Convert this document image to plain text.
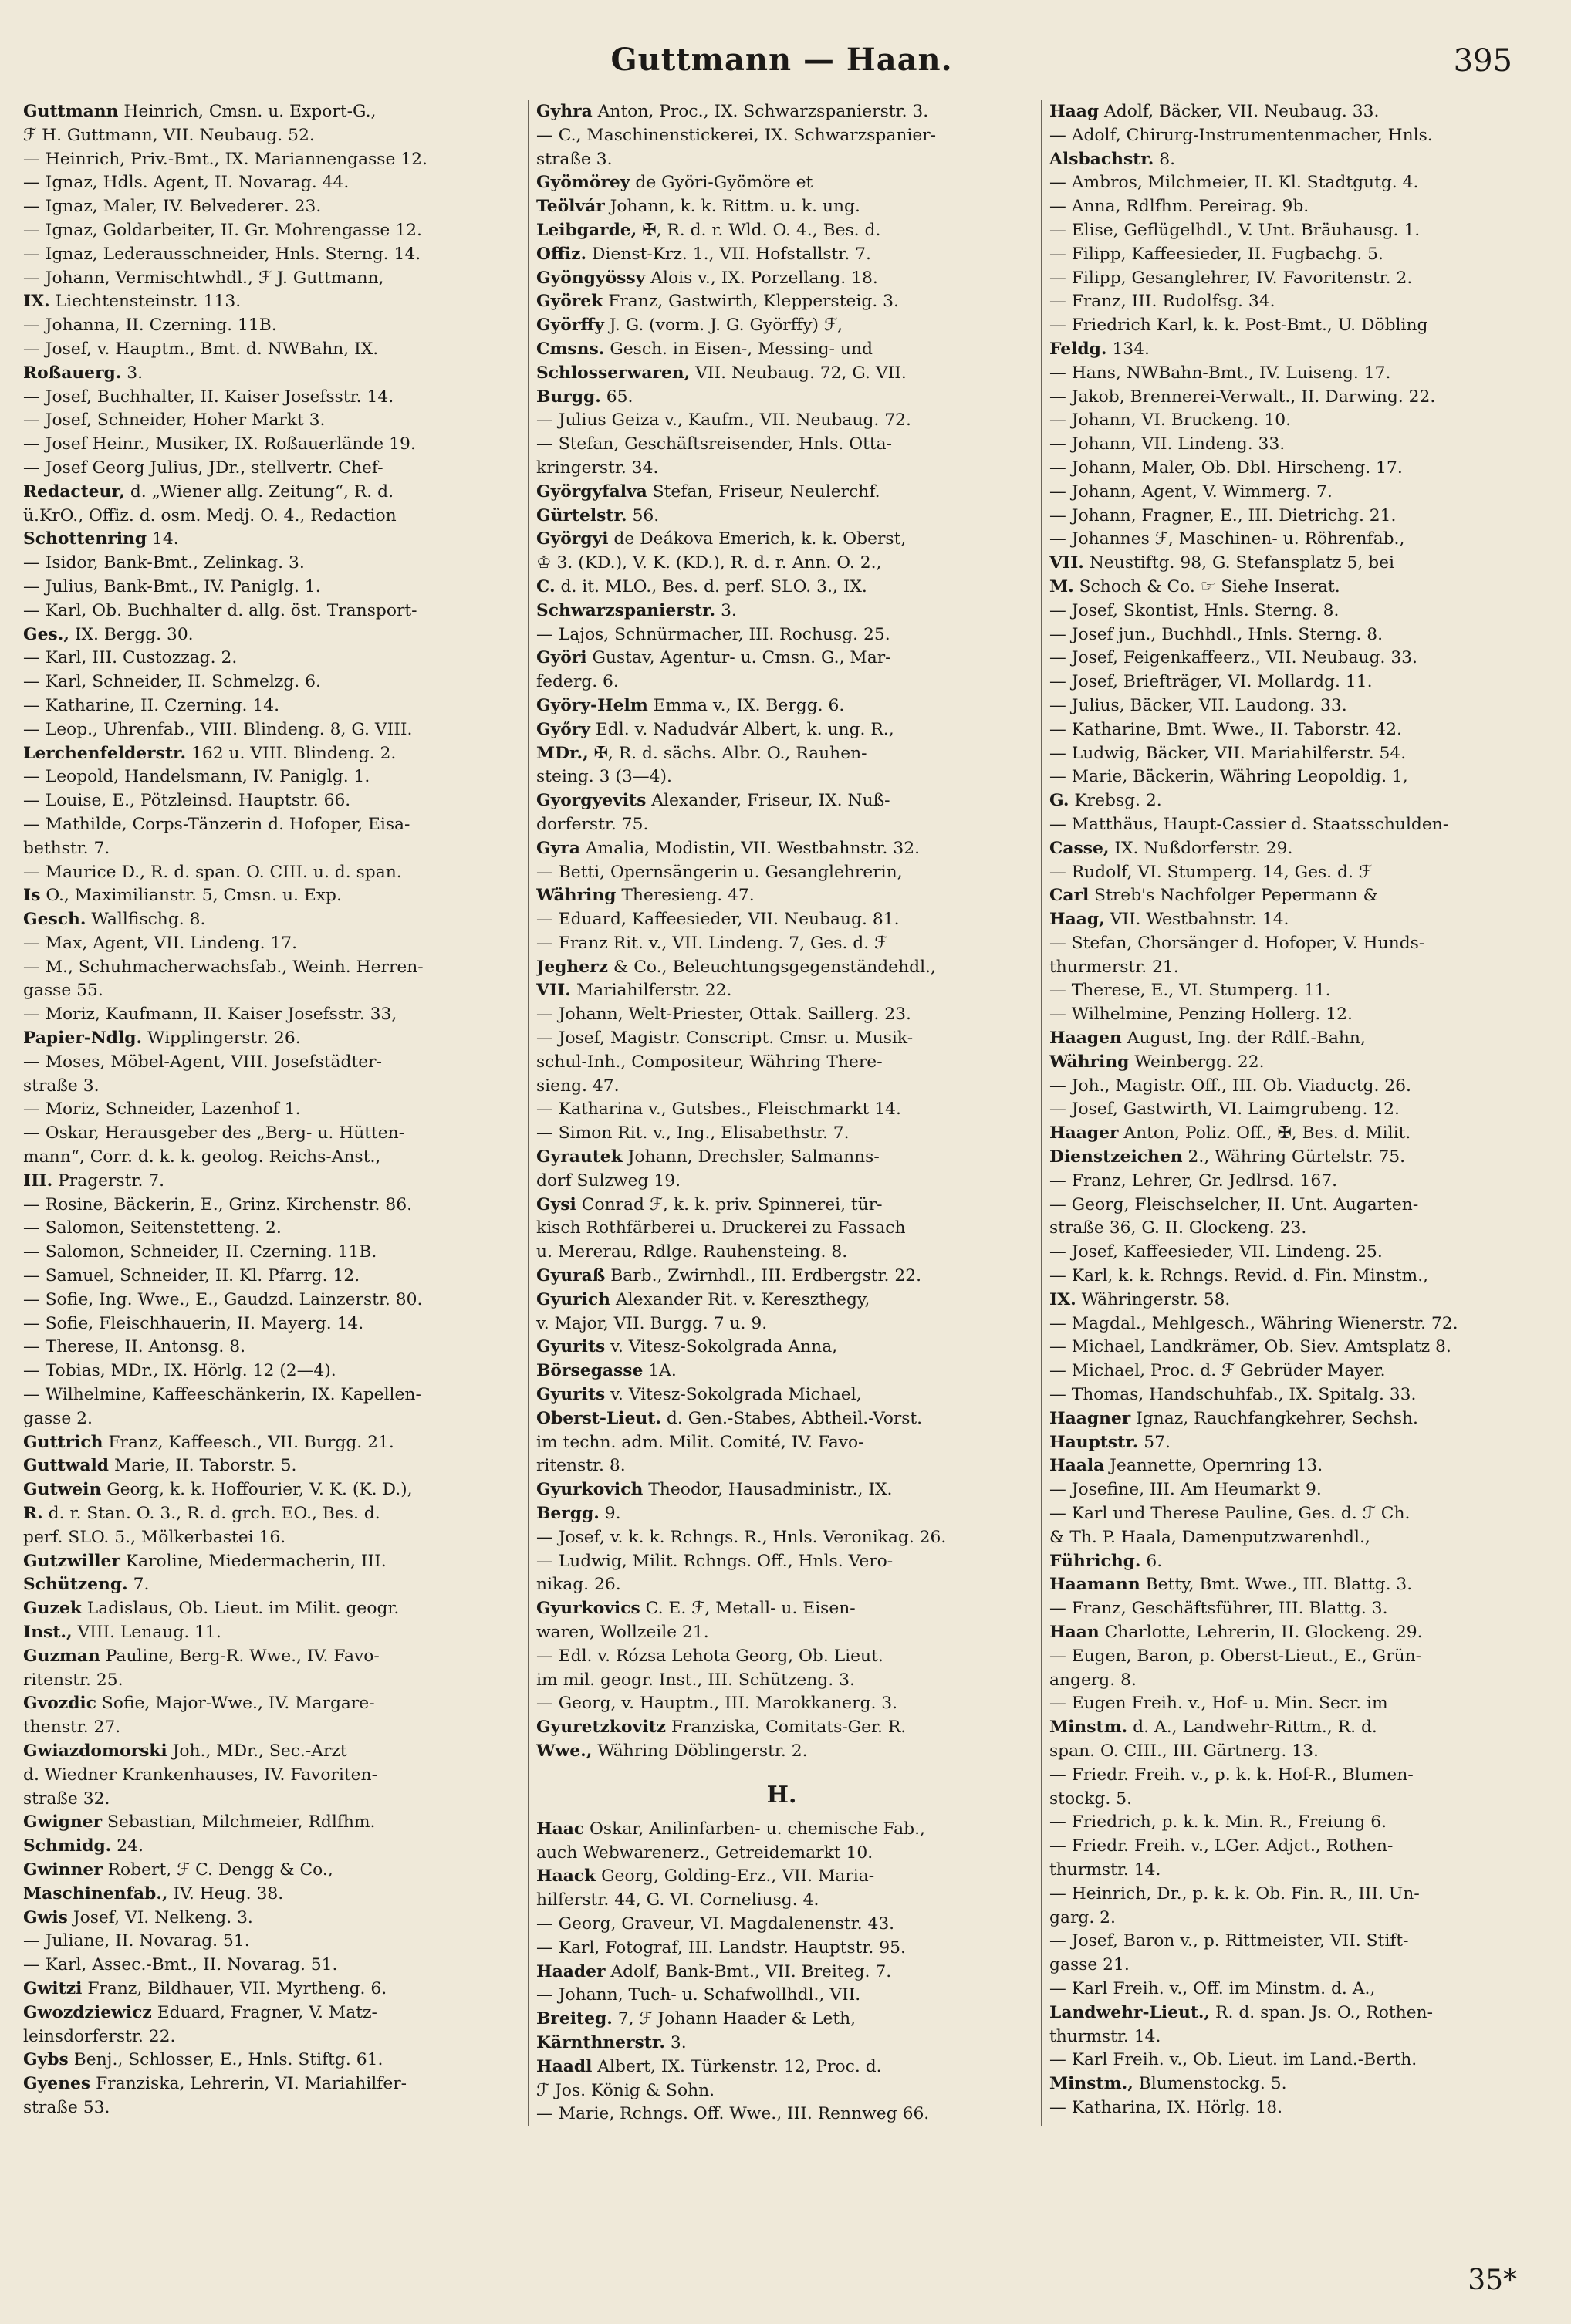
Guttmann — Haan.	395
Guttmann Heinrich, Cmsn. u. Export-G.,
ℱ H. Guttmann, VII. Neubaug. 52.
— Heinrich, Priv.-Bmt., IX. Mariannengasse 12.
— Ignaz, Hdls. Agent, II. Novarag. 44.
— Ignaz, Maler, IV. Belvederег. 23.
— Ignaz, Goldarbeiter, II. Gr. Mohrengasse 12.
— Ignaz, Lederausschneider, Hnls. Sterng. 14.
— Johann, Vermischtwhdl., ℱ J. Guttmann,
IX. Liechtensteinstr. 113.
— Johanna, II. Czerning. 11B.
— Josef, v. Hauptm., Bmt. d. NWBahn, IX.
Roßauerg. 3.
— Josef, Buchhalter, II. Kaiser Josefsstr. 14.
— Josef, Schneider, Hoher Markt 3.
— Josef Heinr., Musiker, IX. Roßauerlände 19.
— Josef Georg Julius, JDr., stellvertr. Chef-
Redacteur, d. „Wiener allg. Zeitung“, R. d.
ü.KrO., Offiz. d. osm. Medj. O. 4., Redaction
Schottenring 14.
— Isidor, Bank-Bmt., Zelinkag. 3.
— Julius, Bank-Bmt., IV. Paniglg. 1.
— Karl, Ob. Buchhalter d. allg. öst. Transport-
Ges., IX. Bergg. 30.
— Karl, III. Custozzag. 2.
— Karl, Schneider, II. Schmelzg. 6.
— Katharine, II. Czerning. 14.
— Leop., Uhrenfab., VIII. Blindeng. 8, G. VIII.
Lerchenfelderstr. 162 u. VIII. Blindeng. 2.
— Leopold, Handelsmann, IV. Paniglg. 1.
— Louise, E., Pötzleinsd. Hauptstr. 66.
— Mathilde, Corps-Tänzerin d. Hofoper, Eisa-
bethstr. 7.
— Maurice D., R. d. span. O. CIII. u. d. span.
Is O., Maximilianstr. 5, Cmsn. u. Exp.
Gesch. Wallfischg. 8.
— Max, Agent, VII. Lindeng. 17.
— M., Schuhmacherwachsfab., Weinh. Herren-
gasse 55.
— Moriz, Kaufmann, II. Kaiser Josefsstr. 33,
Papier-Ndlg. Wipplingerstr. 26.
— Moses, Möbel-Agent, VIII. Josefstädter-
straße 3.
— Moriz, Schneider, Lazenhof 1.
— Oskar, Herausgeber des „Berg- u. Hütten-
mann“, Corr. d. k. k. geolog. Reichs-Anst.,
III. Pragerstr. 7.
— Rosine, Bäckerin, E., Grinz. Kirchenstr. 86.
— Salomon, Seitenstetteng. 2.
— Salomon, Schneider, II. Czerning. 11B.
— Samuel, Schneider, II. Kl. Pfarrg. 12.
— Sofie, Ing. Wwe., E., Gaudzd. Lainzerstr. 80.
— Sofie, Fleischhauerin, II. Mayerg. 14.
— Therese, II. Antonsg. 8.
— Tobias, MDr., IX. Hörlg. 12 (2—4).
— Wilhelmine, Kaffeeschänkerin, IX. Kapellen-
gasse 2.
Guttrich Franz, Kaffeesch., VII. Burgg. 21.
Guttwald Marie, II. Taborstr. 5.
Gutwein Georg, k. k. Hoffourier, V. K. (K. D.),
R. d. r. Stan. O. 3., R. d. grch. EO., Bes. d.
perf. SLO. 5., Mölkerbastei 16.
Gutzwiller Karoline, Miedermacherin, III.
Schützeng. 7.
Guzek Ladislaus, Ob. Lieut. im Milit. geogr.
Inst., VIII. Lenaug. 11.
Guzman Pauline, Berg-R. Wwe., IV. Favo-
ritenstr. 25.
Gvozdic Sofie, Major-Wwe., IV. Margare-
thenstr. 27.
Gwiazdomorski Joh., MDr., Sec.-Arzt
d. Wiedner Krankenhauses, IV. Favoriten-
straße 32.
Gwigner Sebastian, Milchmeier, Rdlfhm.
Schmidg. 24.
Gwinner Robert, ℱ C. Dengg & Co.,
Maschinenfab., IV. Heug. 38.
Gwis Josef, VI. Nelkeng. 3.
— Juliane, II. Novarag. 51.
— Karl, Assec.-Bmt., II. Novarag. 51.
Gwitzi Franz, Bildhauer, VII. Myrtheng. 6.
Gwozdziewicz Eduard, Fragner, V. Matz-
leinsdorferstr. 22.
Gybs Benj., Schlosser, E., Hnls. Stiftg. 61.
Gyenes Franziska, Lehrerin, VI. Mariahilfer-
straße 53.
Gyhra Anton, Proc., IX. Schwarzspanierstr. 3.
— C., Maschinenstickerei, IX. Schwarzspanier-
straße 3.
Gyömörey de Györi-Gyömöre et
Teölvár Johann, k. k. Rittm. u. k. ung.
Leibgarde, ✠, R. d. r. Wld. O. 4., Bes. d.
Offiz. Dienst-Krz. 1., VII. Hofstallstr. 7.
Gyöngyössy Alois v., IX. Porzellang. 18.
Györek Franz, Gastwirth, Kleppersteig. 3.
Györffy J. G. (vorm. J. G. Györffy) ℱ,
Cmsns. Gesch. in Eisen-, Messing- und
Schlosserwaren, VII. Neubaug. 72, G. VII.
Burgg. 65.
— Julius Geiza v., Kaufm., VII. Neubaug. 72.
— Stefan, Geschäftsreisender, Hnls. Otta-
kringerstr. 34.
Györgyfalva Stefan, Friseur, Neulerchf.
Gürtelstr. 56.
Györgyi de Deákova Emerich, k. k. Oberst,
♔ 3. (KD.), V. K. (KD.), R. d. r. Ann. O. 2.,
C. d. it. MLO., Bes. d. perf. SLO. 3., IX.
Schwarzspanierstr. 3.
— Lajos, Schnürmacher, III. Rochusg. 25.
Györi Gustav, Agentur- u. Cmsn. G., Mar-
federg. 6.
Györy-Helm Emma v., IX. Bergg. 6.
Győry Edl. v. Nadudvár Albert, k. ung. R.,
MDr., ✠, R. d. sächs. Albr. O., Rauhen-
steing. 3 (3—4).
Gyorgyevits Alexander, Friseur, IX. Nuß-
dorferstr. 75.
Gyra Amalia, Modistin, VII. Westbahnstr. 32.
— Betti, Opernsängerin u. Gesanglehrerin,
Währing Theresieng. 47.
— Eduard, Kaffeesieder, VII. Neubaug. 81.
— Franz Rit. v., VII. Lindeng. 7, Ges. d. ℱ
Jegherz & Co., Beleuchtungsgegenständehdl.,
VII. Mariahilferstr. 22.
— Johann, Welt-Priester, Ottak. Saillerg. 23.
— Josef, Magistr. Conscript. Cmsr. u. Musik-
schul-Inh., Compositeur, Währing There-
sieng. 47.
— Katharina v., Gutsbes., Fleischmarkt 14.
— Simon Rit. v., Ing., Elisabethstr. 7.
Gyrautek Johann, Drechsler, Salmanns-
dorf Sulzweg 19.
Gysi Conrad ℱ, k. k. priv. Spinnerei, tür-
kisch Rothfärberei u. Druckerei zu Fassach
u. Mererau, Rdlge. Rauhensteing. 8.
Gyuraß Barb., Zwirnhdl., III. Erdbergstr. 22.
Gyurich Alexander Rit. v. Kereszthegy,
v. Major, VII. Burgg. 7 u. 9.
Gyurits v. Vitesz-Sokolgrada Anna,
Börsegasse 1A.
Gyurits v. Vitesz-Sokolgrada Michael,
Oberst-Lieut. d. Gen.-Stabes, Abtheil.-Vorst.
im techn. adm. Milit. Comité, IV. Favo-
ritenstr. 8.
Gyurkovich Theodor, Hausadministr., IX.
Bergg. 9.
— Josef, v. k. k. Rchngs. R., Hnls. Veronikag. 26.
— Ludwig, Milit. Rchngs. Off., Hnls. Vero-
nikag. 26.
Gyurkovics C. E. ℱ, Metall- u. Eisen-
waren, Wollzeile 21.
— Edl. v. Rózsa Lehota Georg, Ob. Lieut.
im mil. geogr. Inst., III. Schützeng. 3.
— Georg, v. Hauptm., III. Marokkanerg. 3.
Gyuretzkovitz Franziska, Comitats-Ger. R.
Wwe., Währing Döblingerstr. 2.
H.
Haac Oskar, Anilinfarben- u. chemische Fab.,
auch Webwarenerz., Getreidemarkt 10.
Haack Georg, Golding-Erz., VII. Maria-
hilferstr. 44, G. VI. Corneliusg. 4.
— Georg, Graveur, VI. Magdalenenstr. 43.
— Karl, Fotograf, III. Landstr. Hauptstr. 95.
Haader Adolf, Bank-Bmt., VII. Breiteg. 7.
— Johann, Tuch- u. Schafwollhdl., VII.
Breiteg. 7, ℱ Johann Haader & Leth,
Kärnthnerstr. 3.
Haadl Albert, IX. Türkenstr. 12, Proc. d.
ℱ Jos. König & Sohn.
— Marie, Rchngs. Off. Wwe., III. Rennweg 66.
Haag Adolf, Bäcker, VII. Neubaug. 33.
— Adolf, Chirurg-Instrumentenmacher, Hnls.
Alsbachstr. 8.
— Ambros, Milchmeier, II. Kl. Stadtgutg. 4.
— Anna, Rdlfhm. Pereirag. 9b.
— Elise, Geflügelhdl., V. Unt. Bräuhausg. 1.
— Filipp, Kaffeesieder, II. Fugbachg. 5.
— Filipp, Gesanglehrer, IV. Favoritenstr. 2.
— Franz, III. Rudolfsg. 34.
— Friedrich Karl, k. k. Post-Bmt., U. Döbling
Feldg. 134.
— Hans, NWBahn-Bmt., IV. Luiseng. 17.
— Jakob, Brennerei-Verwalt., II. Darwing. 22.
— Johann, VI. Bruckeng. 10.
— Johann, VII. Lindeng. 33.
— Johann, Maler, Ob. Dbl. Hirscheng. 17.
— Johann, Agent, V. Wimmerg. 7.
— Johann, Fragner, E., III. Dietrichg. 21.
— Johannes ℱ, Maschinen- u. Röhrenfab.,
VII. Neustiftg. 98, G. Stefansplatz 5, bei
M. Schoch & Co. ☞ Siehe Inserat.
— Josef, Skontist, Hnls. Sterng. 8.
— Josef jun., Buchhdl., Hnls. Sterng. 8.
— Josef, Feigenkaffeerz., VII. Neubaug. 33.
— Josef, Briefträger, VI. Mollardg. 11.
— Julius, Bäcker, VII. Laudong. 33.
— Katharine, Bmt. Wwe., II. Taborstr. 42.
— Ludwig, Bäcker, VII. Mariahilferstr. 54.
— Marie, Bäckerin, Währing Leopoldig. 1,
G. Krebsg. 2.
— Matthäus, Haupt-Cassier d. Staatsschulden-
Casse, IX. Nußdorferstr. 29.
— Rudolf, VI. Stumperg. 14, Ges. d. ℱ
Carl Streb's Nachfolger Pepermann &
Haag, VII. Westbahnstr. 14.
— Stefan, Chorsänger d. Hofoper, V. Hunds-
thurmerstr. 21.
— Therese, E., VI. Stumperg. 11.
— Wilhelmine, Penzing Hollerg. 12.
Haagen August, Ing. der Rdlf.-Bahn,
Währing Weinbergg. 22.
— Joh., Magistr. Off., III. Ob. Viaductg. 26.
— Josef, Gastwirth, VI. Laimgrubeng. 12.
Haager Anton, Poliz. Off., ✠, Bes. d. Milit.
Dienstzeichen 2., Währing Gürtelstr. 75.
— Franz, Lehrer, Gr. Jedlrsd. 167.
— Georg, Fleischselcher, II. Unt. Augarten-
straße 36, G. II. Glockeng. 23.
— Josef, Kaffeesieder, VII. Lindeng. 25.
— Karl, k. k. Rchngs. Revid. d. Fin. Minstm.,
IX. Währingerstr. 58.
— Magdal., Mehlgesch., Währing Wienerstr. 72.
— Michael, Landkrämer, Ob. Siev. Amtsplatz 8.
— Michael, Proc. d. ℱ Gebrüder Mayer.
— Thomas, Handschuhfab., IX. Spitalg. 33.
Haagner Ignaz, Rauchfangkehrer, Sechsh.
Hauptstr. 57.
Haala Jeannette, Opernring 13.
— Josefine, III. Am Heumarkt 9.
— Karl und Therese Pauline, Ges. d. ℱ Ch.
& Th. P. Haala, Damenputzwarenhdl.,
Führichg. 6.
Haamann Betty, Bmt. Wwe., III. Blattg. 3.
— Franz, Geschäftsführer, III. Blattg. 3.
Haan Charlotte, Lehrerin, II. Glockeng. 29.
— Eugen, Baron, p. Oberst-Lieut., E., Grün-
angerg. 8.
— Eugen Freih. v., Hof- u. Min. Secr. im
Minstm. d. A., Landwehr-Rittm., R. d.
span. O. CIII., III. Gärtnerg. 13.
— Friedr. Freih. v., p. k. k. Hof-R., Blumen-
stockg. 5.
— Friedrich, p. k. k. Min. R., Freiung 6.
— Friedr. Freih. v., LGer. Adjct., Rothen-
thurmstr. 14.
— Heinrich, Dr., p. k. k. Ob. Fin. R., III. Un-
garg. 2.
— Josef, Baron v., p. Rittmeister, VII. Stift-
gasse 21.
— Karl Freih. v., Off. im Minstm. d. A.,
Landwehr-Lieut., R. d. span. Js. O., Rothen-
thurmstr. 14.
— Karl Freih. v., Ob. Lieut. im Land.-Berth.
Minstm., Blumenstockg. 5.
— Katharina, IX. Hörlg. 18.
35*
